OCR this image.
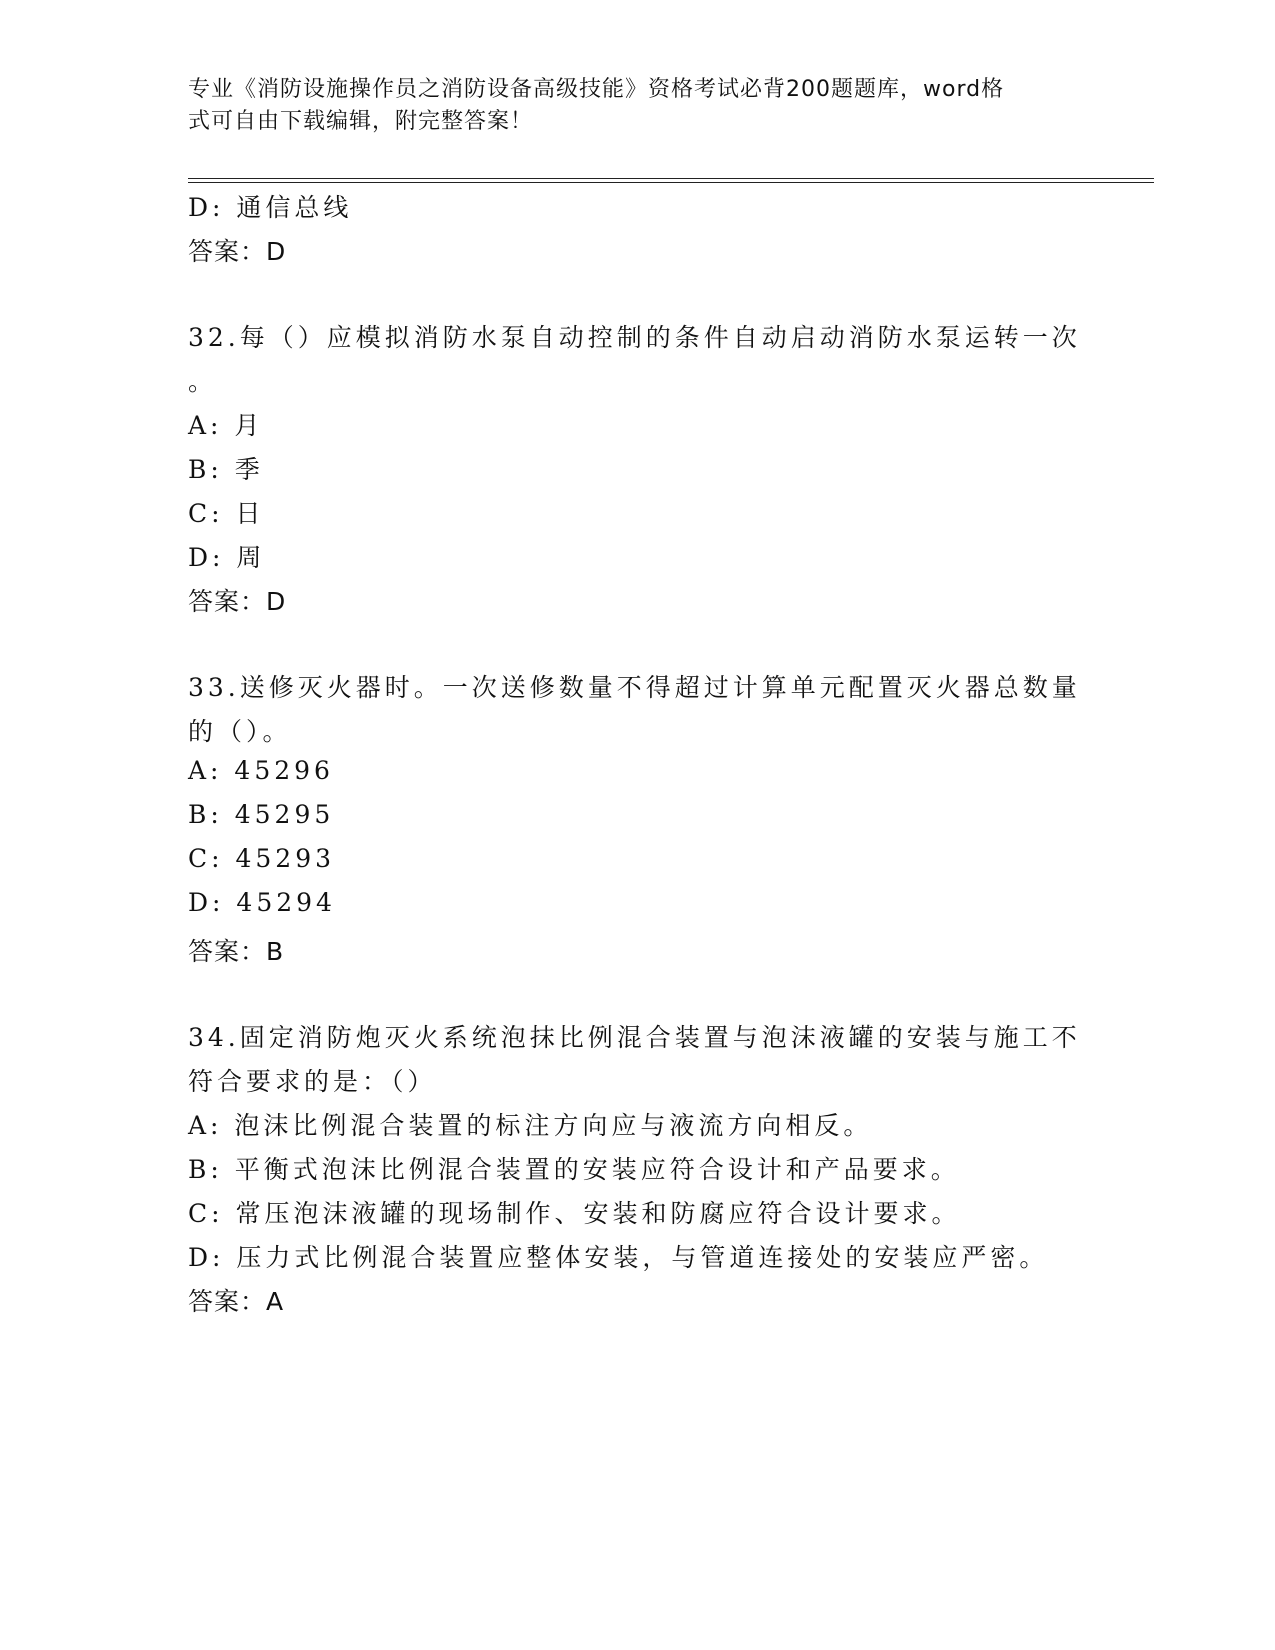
专业《消防设施操作员之消防设备高级技能》资格考试必背200题题库，word格
式可自由下载编辑，附完整答案！
D: 通信总线
答案：D
32.每（）应模拟消防水泵自动控制的条件自动启动消防水泵运转一次
。
A: 月
B: 季
C: 日
D: 周
答案：D
33.送修灭火器时。一次送修数量不得超过计算单元配置灭火器总数量
的（）。
A: 45296
B: 45295
C: 45293
D: 45294
答案：B
34.固定消防炮灭火系统泡抹比例混合装置与泡沫液罐的安装与施工不
符合要求的是：（）
A: 泡沫比例混合装置的标注方向应与液流方向相反。
B: 平衡式泡沫比例混合装置的安装应符合设计和产品要求。
C: 常压泡沫液罐的现场制作、安装和防腐应符合设计要求。
D: 压力式比例混合装置应整体安装，与管道连接处的安装应严密。
答案：A
